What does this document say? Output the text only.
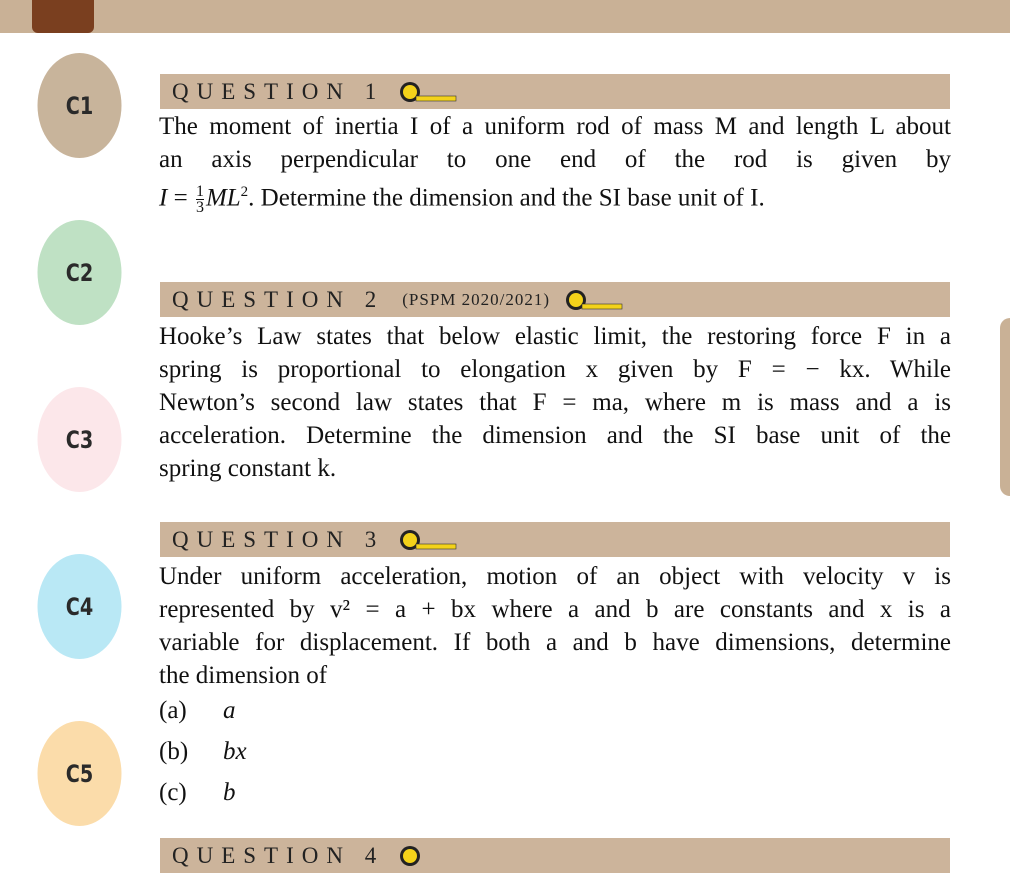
C1
C2
C3
C4
C5
QUESTION 1
The moment of inertia I of a uniform rod of mass M and length L about
an axis perpendicular to one end of the rod is given by
$I = \frac{1}{3} ML^2$. Determine the dimension and the SI base unit of I.
QUESTION 2 (PSPM 2020/2021)
Hooke’s Law states that below elastic limit, the restoring force F in a
spring is proportional to elongation x given by F = − kx. While
Newton’s second law states that F = ma, where m is mass and a is
acceleration. Determine the dimension and the SI base unit of the
spring constant k.
QUESTION 3
Under uniform acceleration, motion of an object with velocity v is
represented by v² = a + bx where a and b are constants and x is a
variable for displacement. If both a and b have dimensions, determine
the dimension of
(a) a
(b) bx
(c) b
QUESTION 4
